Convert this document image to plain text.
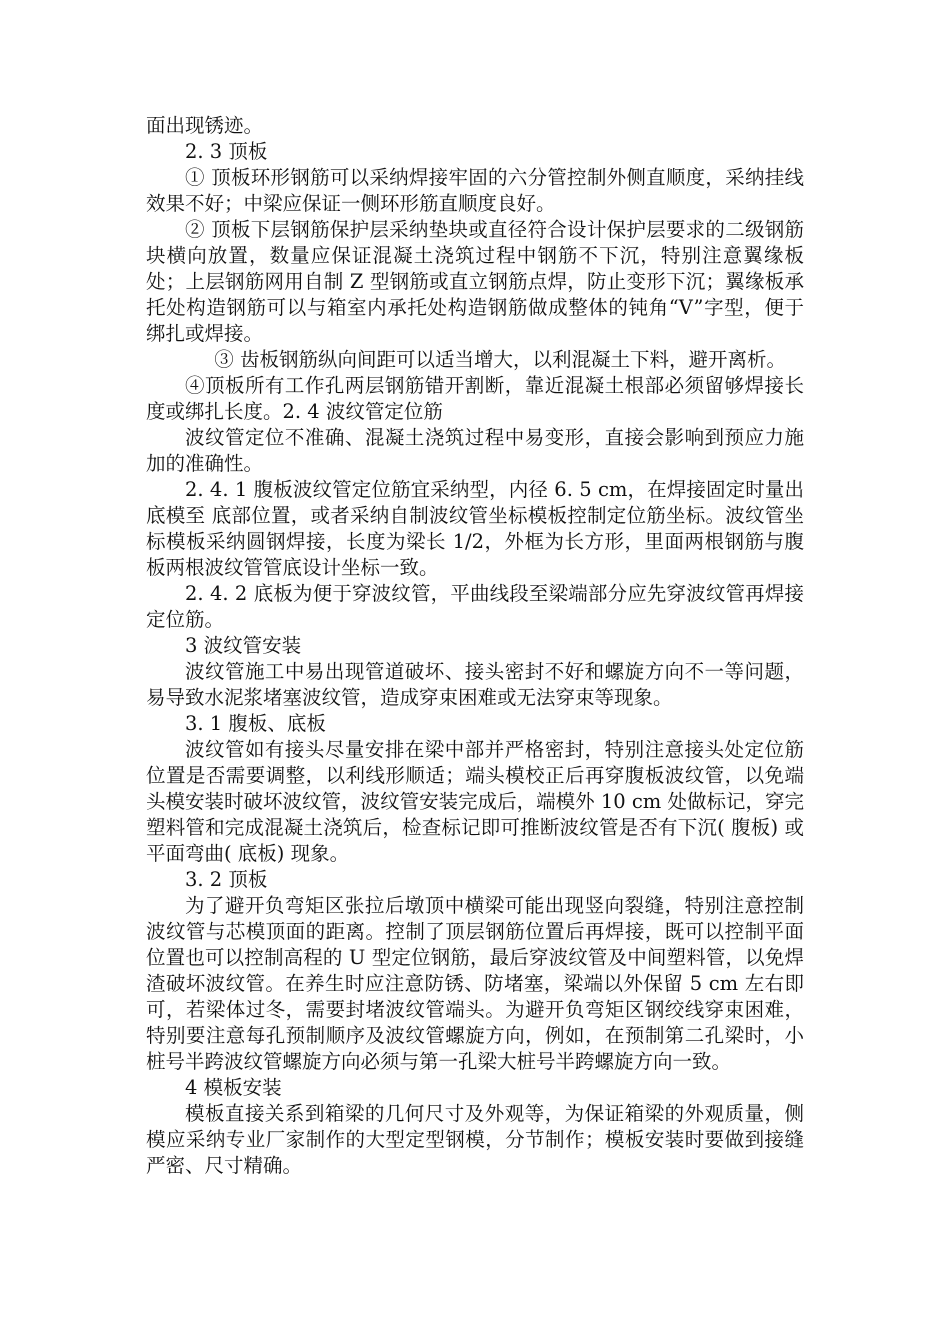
面出现锈迹。

2. 3 顶板

① 顶板环形钢筋可以采纳焊接牢固的六分管控制外侧直顺度，采纳挂线效果不好；中梁应保证一侧环形筋直顺度良好。

② 顶板下层钢筋保护层采纳垫块或直径符合设计保护层要求的二级钢筋块横向放置，数量应保证混凝土浇筑过程中钢筋不下沉，特别注意翼缘板处；上层钢筋网用自制 Z 型钢筋或直立钢筋点焊，防止变形下沉；翼缘板承托处构造钢筋可以与箱室内承托处构造钢筋做成整体的钝角“V”字型，便于绑扎或焊接。

③ 齿板钢筋纵向间距可以适当增大，以利混凝土下料，避开离析。

④顶板所有工作孔两层钢筋错开割断，靠近混凝土根部必须留够焊接长度或绑扎长度。2. 4 波纹管定位筋

波纹管定位不准确、混凝土浇筑过程中易变形，直接会影响到预应力施加的准确性。

2. 4. 1 腹板波纹管定位筋宜采纳型，内径 6. 5 cm，在焊接固定时量出底模至 底部位置，或者采纳自制波纹管坐标模板控制定位筋坐标。波纹管坐标模板采纳圆钢焊接，长度为梁长 1/2，外框为长方形，里面两根钢筋与腹板两根波纹管管底设计坐标一致。

2. 4. 2 底板为便于穿波纹管，平曲线段至梁端部分应先穿波纹管再焊接定位筋。

3 波纹管安装

波纹管施工中易出现管道破坏、接头密封不好和螺旋方向不一等问题，易导致水泥浆堵塞波纹管，造成穿束困难或无法穿束等现象。

3. 1 腹板、底板

波纹管如有接头尽量安排在梁中部并严格密封，特别注意接头处定位筋位置是否需要调整，以利线形顺适；端头模校正后再穿腹板波纹管，以免端头模安装时破坏波纹管，波纹管安装完成后，端模外 10 cm 处做标记，穿完塑料管和完成混凝土浇筑后，检查标记即可推断波纹管是否有下沉( 腹板) 或平面弯曲( 底板) 现象。

3. 2 顶板

为了避开负弯矩区张拉后墩顶中横梁可能出现竖向裂缝，特别注意控制波纹管与芯模顶面的距离。控制了顶层钢筋位置后再焊接，既可以控制平面位置也可以控制高程的 U 型定位钢筋，最后穿波纹管及中间塑料管，以免焊渣破坏波纹管。在养生时应注意防锈、防堵塞，梁端以外保留 5 cm 左右即可，若梁体过冬，需要封堵波纹管端头。为避开负弯矩区钢绞线穿束困难，特别要注意每孔预制顺序及波纹管螺旋方向，例如，在预制第二孔梁时，小桩号半跨波纹管螺旋方向必须与第一孔梁大桩号半跨螺旋方向一致。

4 模板安装

模板直接关系到箱梁的几何尺寸及外观等，为保证箱梁的外观质量，侧模应采纳专业厂家制作的大型定型钢模，分节制作；模板安装时要做到接缝严密、尺寸精确。
